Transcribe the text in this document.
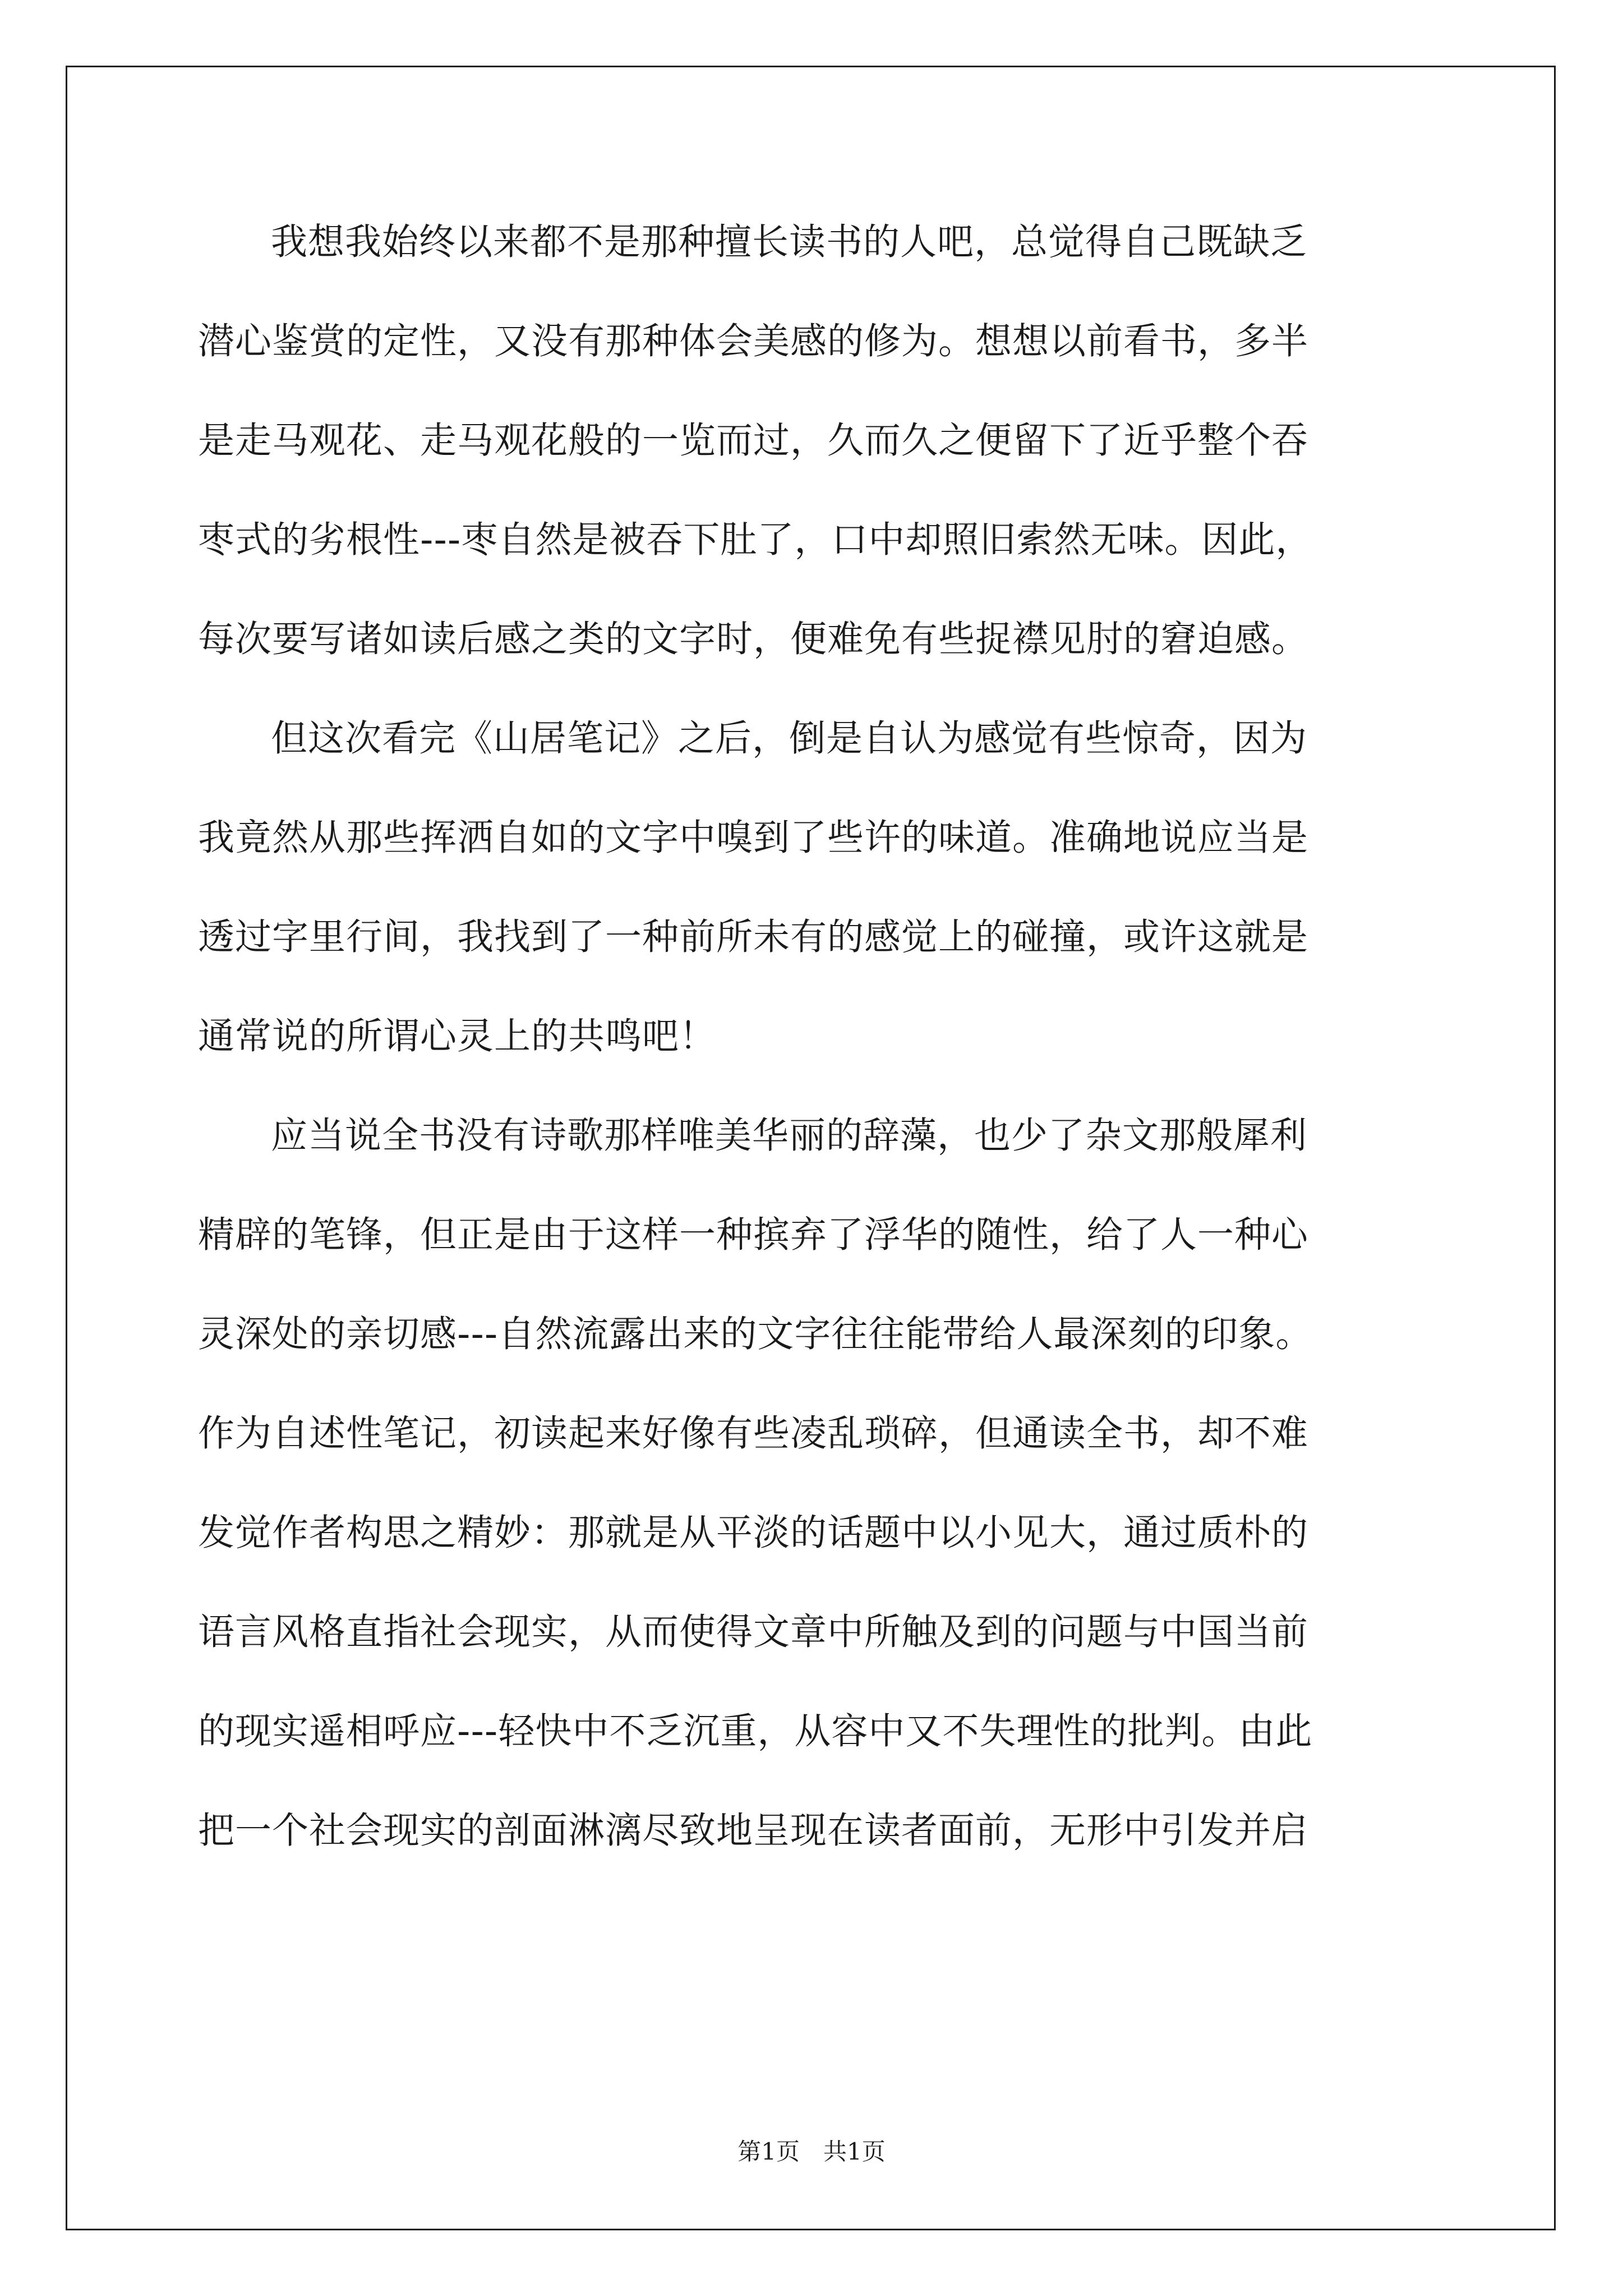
我想我始终以来都不是那种擅长读书的人吧，总觉得自己既缺乏
潜心鉴赏的定性，又没有那种体会美感的修为。想想以前看书，多半
是走马观花、走马观花般的一览而过，久而久之便留下了近乎整个吞
枣式的劣根性---枣自然是被吞下肚了，口中却照旧索然无味。因此，
每次要写诸如读后感之类的文字时，便难免有些捉襟见肘的窘迫感。
但这次看完《山居笔记》之后，倒是自认为感觉有些惊奇，因为
我竟然从那些挥洒自如的文字中嗅到了些许的味道。准确地说应当是
透过字里行间，我找到了一种前所未有的感觉上的碰撞，或许这就是
通常说的所谓心灵上的共鸣吧！
应当说全书没有诗歌那样唯美华丽的辞藻，也少了杂文那般犀利
精辟的笔锋，但正是由于这样一种摈弃了浮华的随性，给了人一种心
灵深处的亲切感---自然流露出来的文字往往能带给人最深刻的印象。
作为自述性笔记，初读起来好像有些凌乱琐碎，但通读全书，却不难
发觉作者构思之精妙：那就是从平淡的话题中以小见大，通过质朴的
语言风格直指社会现实，从而使得文章中所触及到的问题与中国当前
的现实遥相呼应---轻快中不乏沉重，从容中又不失理性的批判。由此
把一个社会现实的剖面淋漓尽致地呈现在读者面前，无形中引发并启
第1页　共1页
